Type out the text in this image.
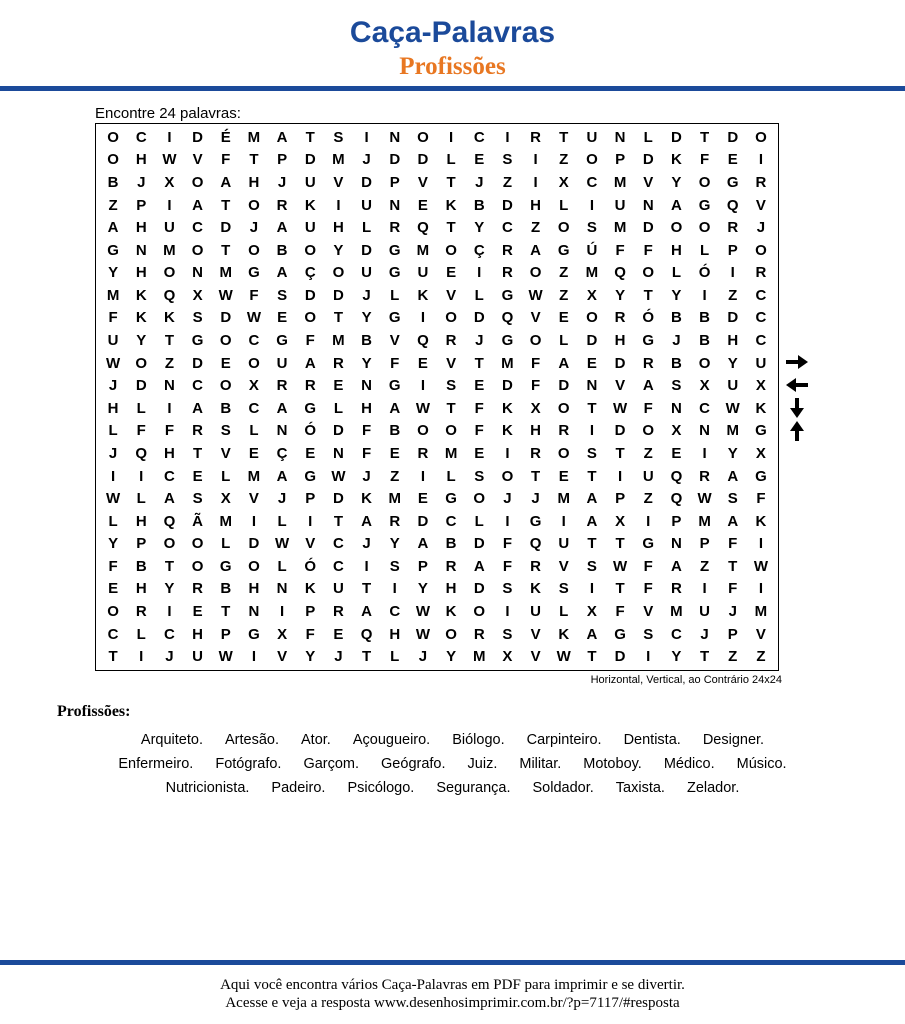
Caça-Palavras
Profissões
Encontre 24 palavras:
O	C	I	D	É	M	A	T	S	I	N	O	I	C	I	R	T	U	N	L	D	T	D	O
O	H	W	V	F	T	P	D	M	J	D	D	L	E	S	I	Z	O	P	D	K	F	E	I
B	J	X	O	A	H	J	U	V	D	P	V	T	J	Z	I	X	C	M	V	Y	O	G	R
Z	P	I	A	T	O	R	K	I	U	N	E	K	B	D	H	L	I	U	N	A	G	Q	V
A	H	U	C	D	J	A	U	H	L	R	Q	T	Y	C	Z	O	S	M	D	O	O	R	J
G	N	M	O	T	O	B	O	Y	D	G	M	O	Ç	R	A	G	Ú	F	F	H	L	P	O
Y	H	O	N	M	G	A	Ç	O	U	G	U	E	I	R	O	Z	M	Q	O	L	Ó	I	R
M	K	Q	X	W	F	S	D	D	J	L	K	V	L	G	W	Z	X	Y	T	Y	I	Z	C
F	K	K	S	D	W	E	O	T	Y	G	I	O	D	Q	V	E	O	R	Ó	B	B	D	C
U	Y	T	G	O	C	G	F	M	B	V	Q	R	J	G	O	L	D	H	G	J	B	H	C
W	O	Z	D	E	O	U	A	R	Y	F	E	V	T	M	F	A	E	D	R	B	O	Y	U
J	D	N	C	O	X	R	R	E	N	G	I	S	E	D	F	D	N	V	A	S	X	U	X
H	L	I	A	B	C	A	G	L	H	A	W	T	F	K	X	O	T	W	F	N	C	W	K
L	F	F	R	S	L	N	Ó	D	F	B	O	O	F	K	H	R	I	D	O	X	N	M	G
J	Q	H	T	V	E	Ç	E	N	F	E	R	M	E	I	R	O	S	T	Z	E	I	Y	X
I	I	C	E	L	M	A	G	W	J	Z	I	L	S	O	T	E	T	I	U	Q	R	A	G
W	L	A	S	X	V	J	P	D	K	M	E	G	O	J	J	M	A	P	Z	Q	W	S	F
L	H	Q	Ã	M	I	L	I	T	A	R	D	C	L	I	G	I	A	X	I	P	M	A	K
Y	P	O	O	L	D	W	V	C	J	Y	A	B	D	F	Q	U	T	T	G	N	P	F	I
F	B	T	O	G	O	L	Ó	C	I	S	P	R	A	F	R	V	S	W	F	A	Z	T	W
E	H	Y	R	B	H	N	K	U	T	I	Y	H	D	S	K	S	I	T	F	R	I	F	I
O	R	I	E	T	N	I	P	R	A	C	W	K	O	I	U	L	X	F	V	M	U	J	M
C	L	C	H	P	G	X	F	E	Q	H	W	O	R	S	V	K	A	G	S	C	J	P	V
T	I	J	U	W	I	V	Y	J	T	L	J	Y	M	X	V	W	T	D	I	Y	T	Z	Z
Horizontal, Vertical, ao Contrário 24x24
Profissões:
Arquiteto.	Artesão.	Ator.	Açougueiro.	Biólogo.	Carpinteiro.	Dentista.	Designer.
Enfermeiro.	Fotógrafo.	Garçom.	Geógrafo.	Juiz.	Militar.	Motoboy.	Médico.	Músico.
Nutricionista.	Padeiro.	Psicólogo.	Segurança.	Soldador.	Taxista.	Zelador.
Aqui você encontra vários Caça-Palavras em PDF para imprimir e se divertir.
Acesse e veja a resposta www.desenhosimprimir.com.br/?p=7117/#resposta
